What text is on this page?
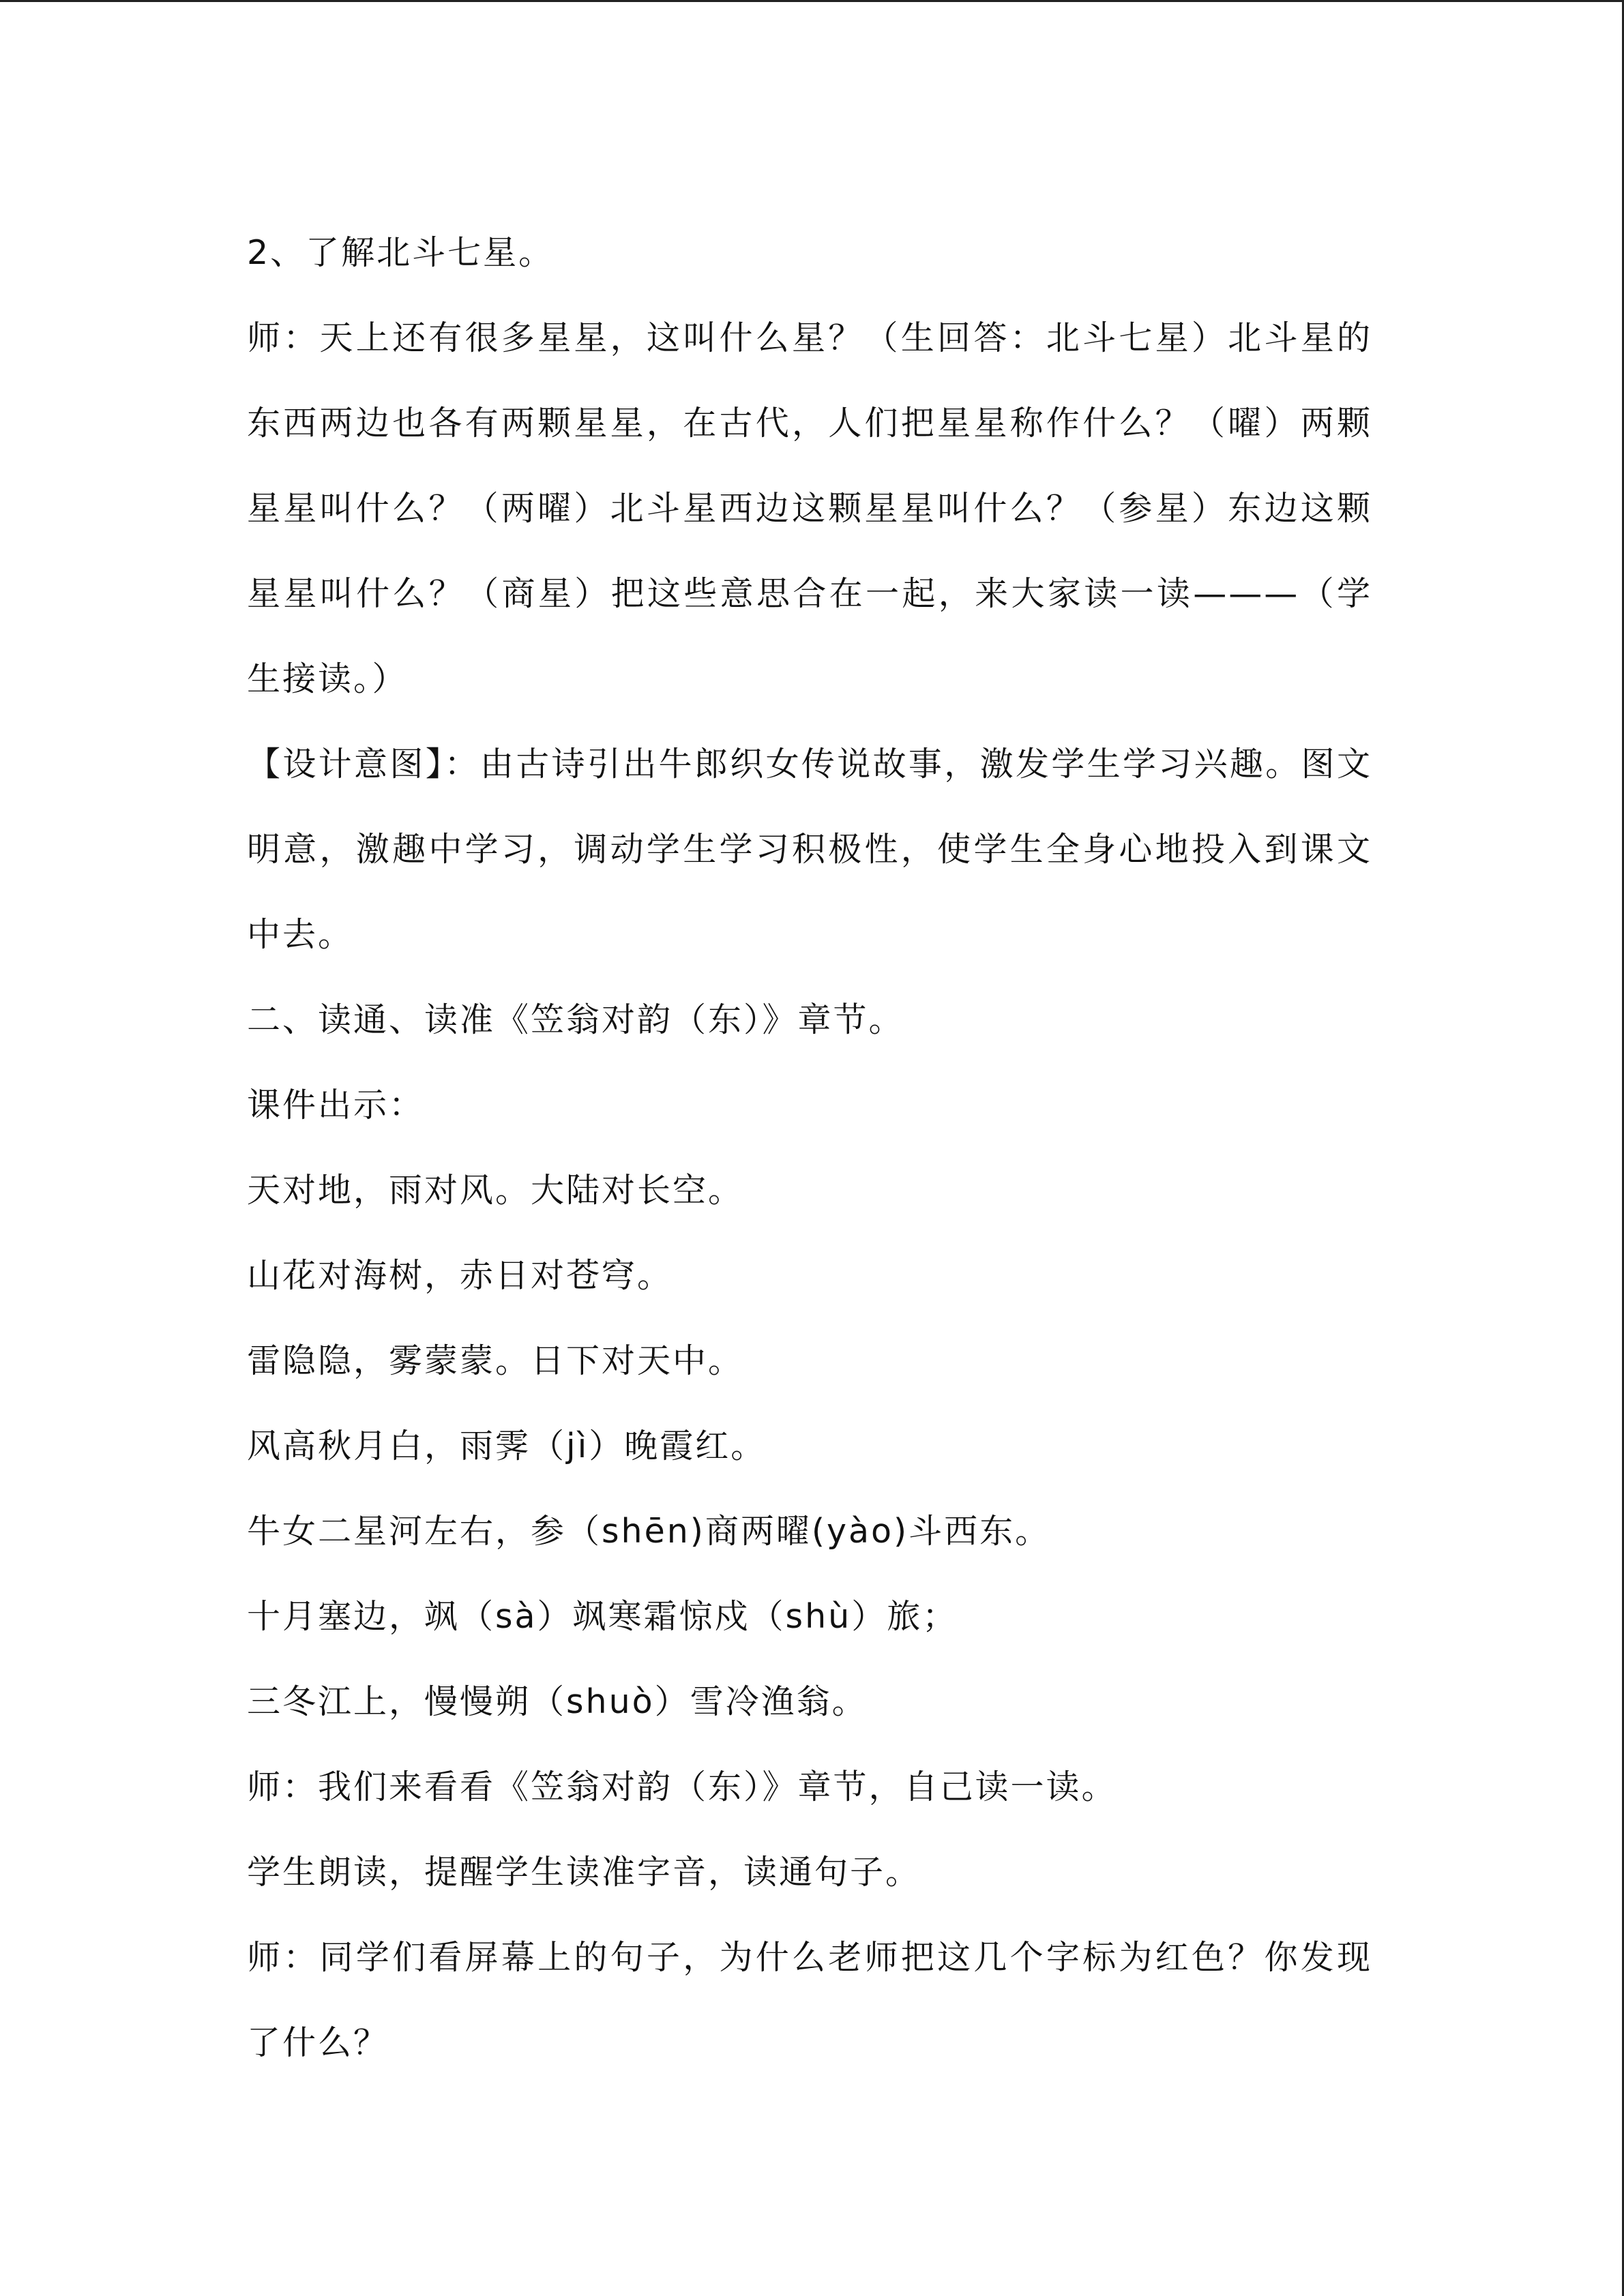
2、了解北斗七星。

师：天上还有很多星星，这叫什么星？（生回答：北斗七星）北斗星的东西两边也各有两颗星星，在古代，人们把星星称作什么？（曜）两颗星星叫什么？（两曜）北斗星西边这颗星星叫什么？（参星）东边这颗星星叫什么？（商星）把这些意思合在一起，来大家读一读———（学生接读。）

【设计意图】：由古诗引出牛郎织女传说故事，激发学生学习兴趣。图文明意，激趣中学习，调动学生学习积极性，使学生全身心地投入到课文中去。

二、读通、读准《笠翁对韵（东）》章节。

课件出示：

天对地，雨对风。大陆对长空。

山花对海树，赤日对苍穹。

雷隐隐，雾蒙蒙。日下对天中。

风高秋月白，雨霁（jì）晚霞红。

牛女二星河左右，参（shēn)商两曜(yào)斗西东。

十月塞边，飒（sà）飒寒霜惊戍（shù）旅；

三冬江上，慢慢朔（shuò）雪冷渔翁。

师：我们来看看《笠翁对韵（东）》章节，自己读一读。

学生朗读，提醒学生读准字音，读通句子。

师：同学们看屏幕上的句子，为什么老师把这几个字标为红色？你发现了什么？
